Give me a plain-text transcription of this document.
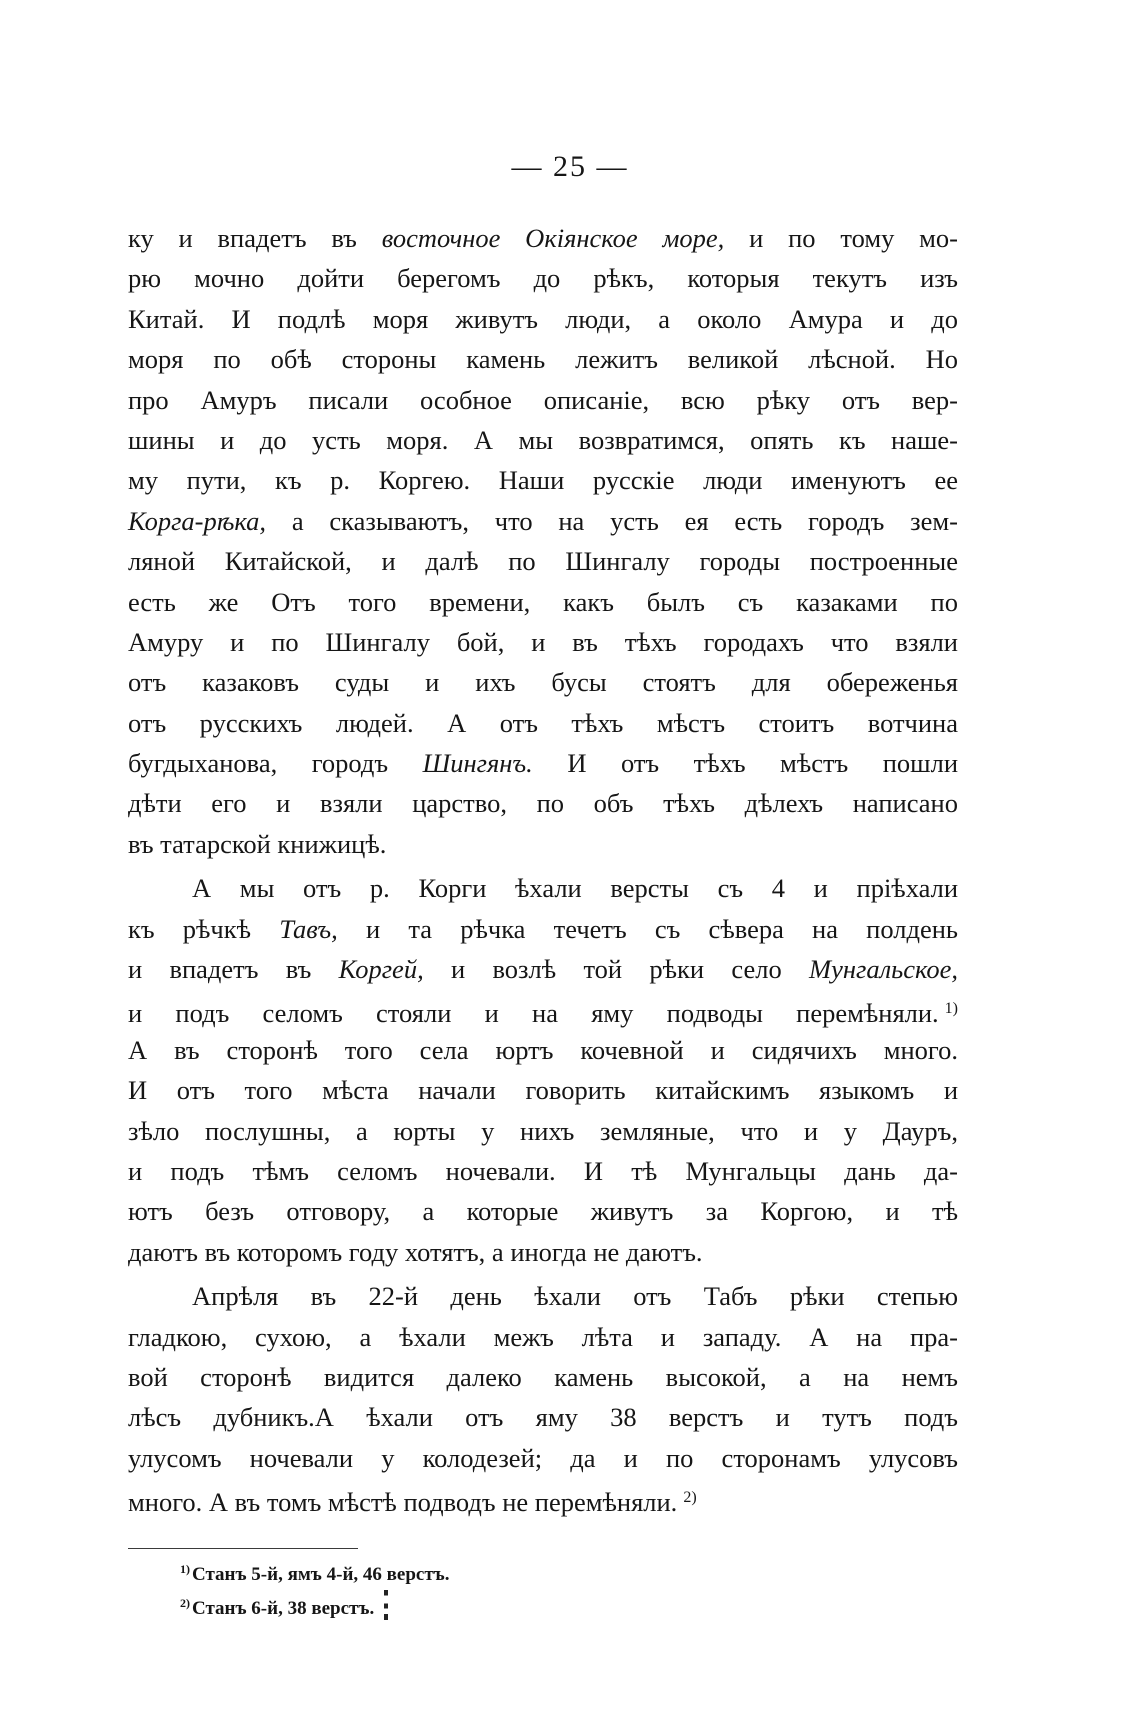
— 25 —
ку и впадетъ въ восточное Окіянское море, и по тому мо-
рю мочно дойти берегомъ до рѣкъ, которыя текутъ изъ
Китай. И подлѣ моря живутъ люди, а около Амура и до
моря по обѣ стороны камень лежитъ великой лѣсной. Но
про Амуръ писали особное описаніе, всю рѣку отъ вер-
шины и до усть моря. А мы возвратимся, опять къ наше-
му пути, къ р. Коргею. Наши русскіе люди именуютъ ее
Корга-рѣка, а сказываютъ, что на усть ея есть городъ зем-
ляной Китайской, и далѣ по Шингалу городы построенные
есть же Отъ того времени, какъ былъ съ казаками по
Амуру и по Шингалу бой, и въ тѣхъ городахъ что взяли
отъ казаковъ суды и ихъ бусы стоятъ для обереженья
отъ русскихъ людей. А отъ тѣхъ мѣстъ стоитъ вотчина
бугдыханова, городъ Шингянъ. И отъ тѣхъ мѣстъ пошли
дѣти его и взяли царство, по объ тѣхъ дѣлехъ написано
въ татарской книжицѣ.
А мы отъ р. Корги ѣхали версты съ 4 и пріѣхали
къ рѣчкѣ Тавъ, и та рѣчка течетъ съ сѣвера на полдень
и впадетъ въ Коргей, и возлѣ той рѣки село Мунгальское,
и подъ селомъ стояли и на яму подводы перемѣняли. $^{1)}$
А въ сторонѣ того села юртъ кочевной и сидячихъ много.
И отъ того мѣста начали говорить китайскимъ языкомъ и
зѣло послушны, а юрты у нихъ земляные, что и у Дауръ,
и подъ тѣмъ селомъ ночевали. И тѣ Мунгальцы дань да-
ютъ безъ отговору, а которые живутъ за Коргою, и тѣ
даютъ въ которомъ году хотятъ, а иногда не даютъ.
Апрѣля въ 22-й день ѣхали отъ Табъ рѣки степью
гладкою, сухою, а ѣхали межъ лѣта и западу. А на пра-
вой сторонѣ видится далеко камень высокой, а на немъ
лѣсъ дубникъ.А ѣхали отъ яму 38 верстъ и тутъ подъ
улусомъ ночевали у колодезей; да и по сторонамъ улусовъ
много. А въ томъ мѣстѣ подводъ не перемѣняли. $^{2)}$
$^{1)}$ Станъ 5-й, ямъ 4-й, 46 верстъ.
$^{2)}$ Станъ 6-й, 38 верстъ.
